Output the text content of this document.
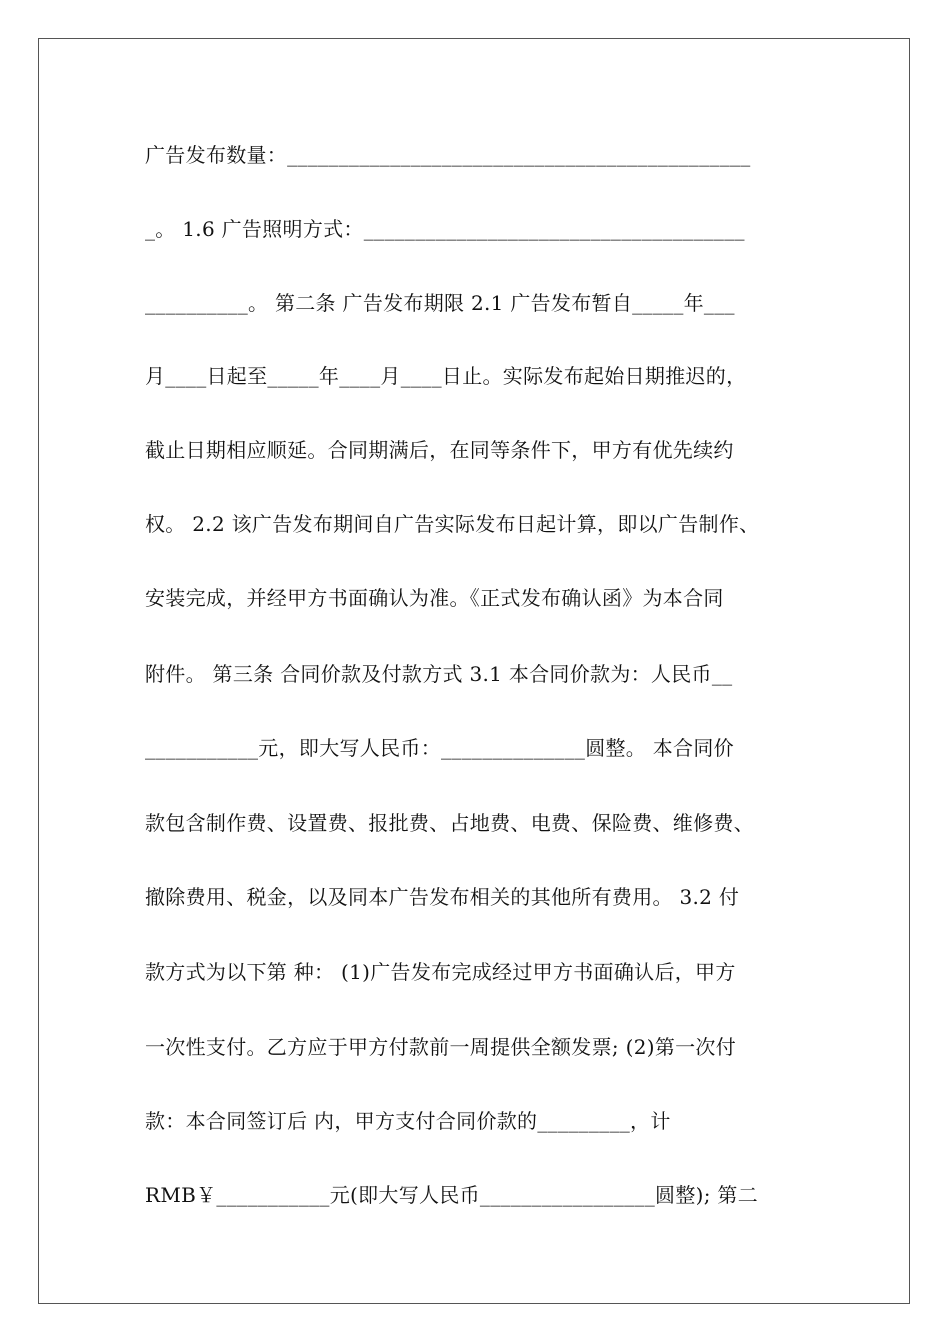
广告发布数量：_____________________________________________
_。 1.6 广告照明方式：_____________________________________
__________。 第二条 广告发布期限 2.1 广告发布暂自_____年___
月____日起至_____年____月____日止。实际发布起始日期推迟的，
截止日期相应顺延。合同期满后，在同等条件下，甲方有优先续约
权。 2.2 该广告发布期间自广告实际发布日起计算，即以广告制作、
安装完成，并经甲方书面确认为准。《正式发布确认函》为本合同
附件。 第三条 合同价款及付款方式 3.1 本合同价款为：人民币__
___________元，即大写人民币：______________圆整。 本合同价
款包含制作费、设置费、报批费、占地费、电费、保险费、维修费、
撤除费用、税金，以及同本广告发布相关的其他所有费用。 3.2 付
款方式为以下第 种： (1)广告发布完成经过甲方书面确认后，甲方
一次性支付。乙方应于甲方付款前一周提供全额发票; (2)第一次付
款：本合同签订后 内，甲方支付合同价款的_________，计
RMB￥___________元(即大写人民币_________________圆整); 第二
